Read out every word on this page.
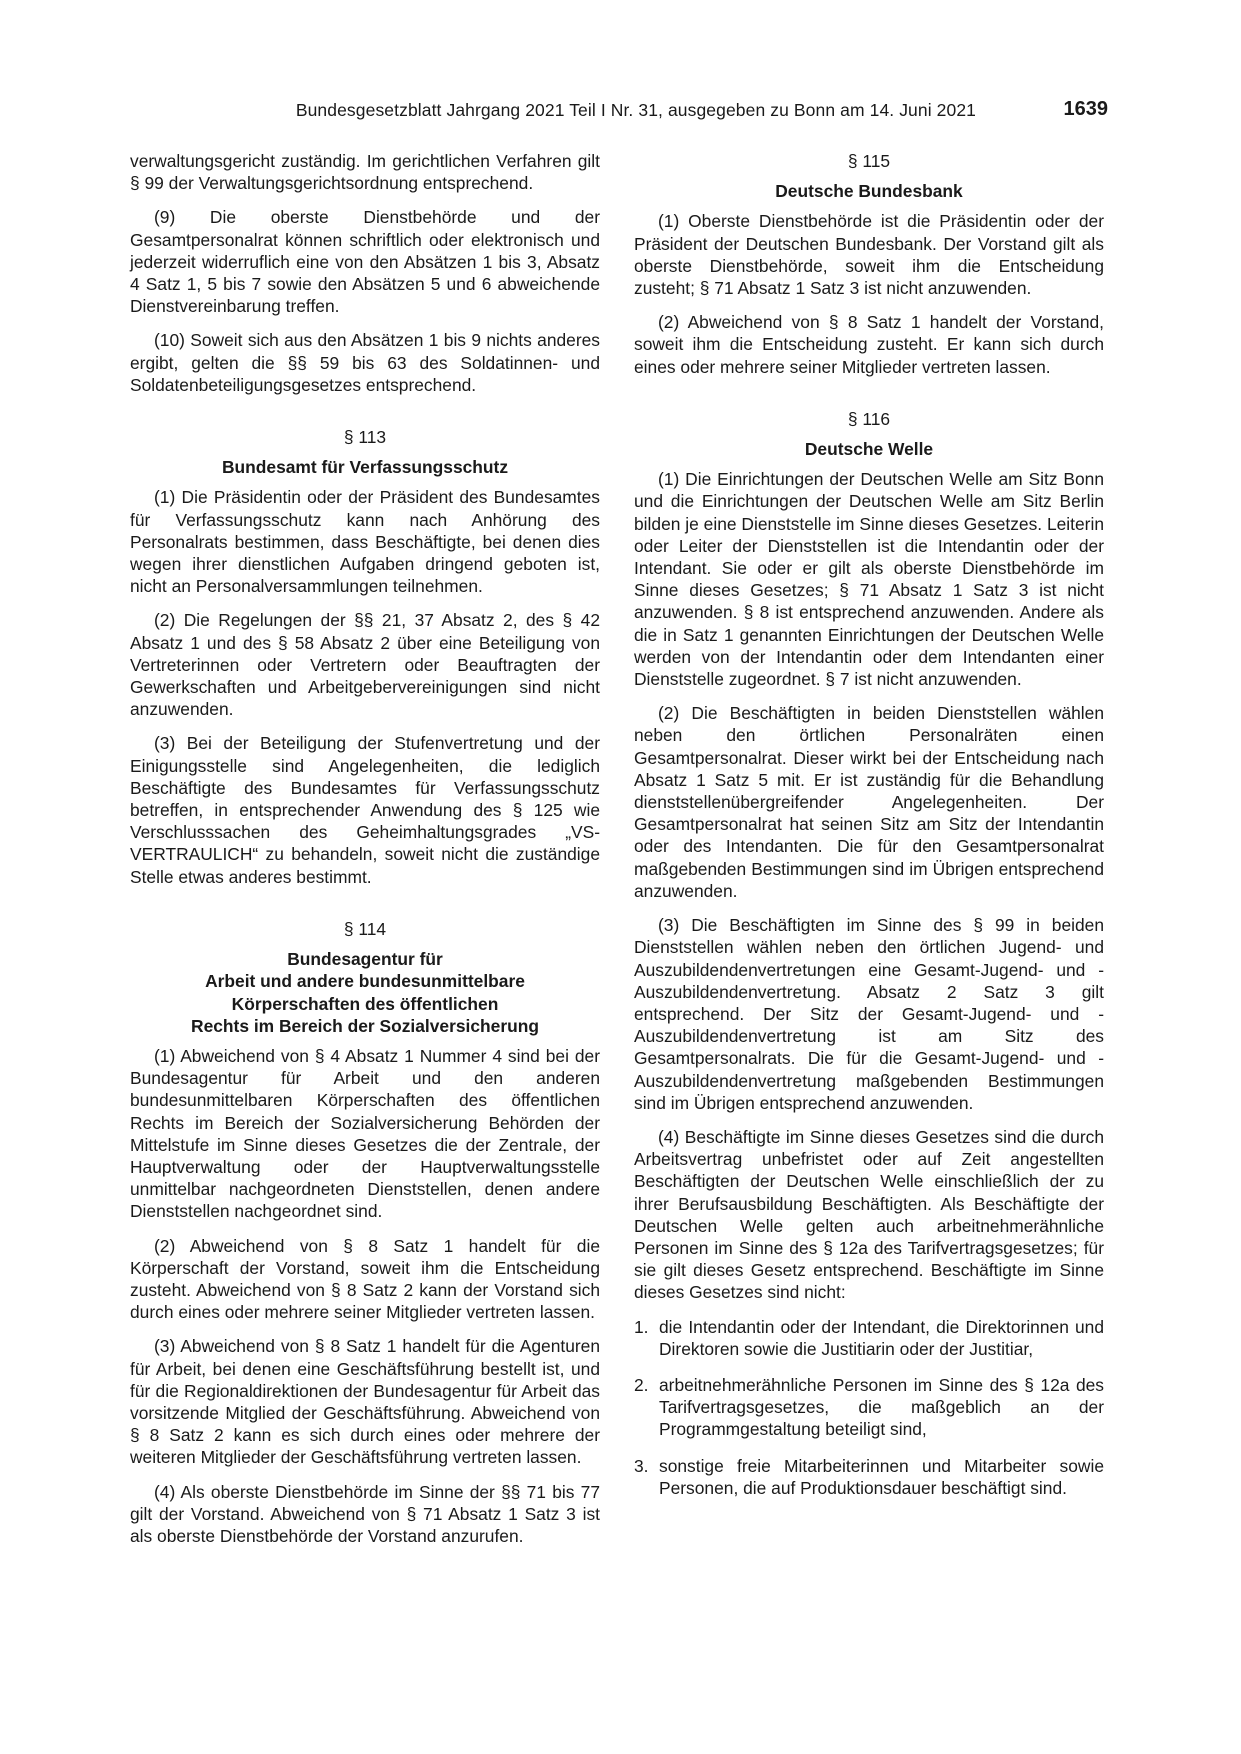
Bundesgesetzblatt Jahrgang 2021 Teil I Nr. 31, ausgegeben zu Bonn am 14. Juni 2021	1639

verwaltungsgericht zuständig. Im gerichtlichen Verfahren gilt § 99 der Verwaltungsgerichtsordnung entsprechend.

(9) Die oberste Dienstbehörde und der Gesamtpersonalrat können schriftlich oder elektronisch und jederzeit widerruflich eine von den Absätzen 1 bis 3, Absatz 4 Satz 1, 5 bis 7 sowie den Absätzen 5 und 6 abweichende Dienstvereinbarung treffen.

(10) Soweit sich aus den Absätzen 1 bis 9 nichts anderes ergibt, gelten die §§ 59 bis 63 des Soldatinnen- und Soldatenbeteiligungsgesetzes entsprechend.

§ 113
Bundesamt für Verfassungsschutz

(1) Die Präsidentin oder der Präsident des Bundesamtes für Verfassungsschutz kann nach Anhörung des Personalrats bestimmen, dass Beschäftigte, bei denen dies wegen ihrer dienstlichen Aufgaben dringend geboten ist, nicht an Personalversammlungen teilnehmen.

(2) Die Regelungen der §§ 21, 37 Absatz 2, des § 42 Absatz 1 und des § 58 Absatz 2 über eine Beteiligung von Vertreterinnen oder Vertretern oder Beauftragten der Gewerkschaften und Arbeitgebervereinigungen sind nicht anzuwenden.

(3) Bei der Beteiligung der Stufenvertretung und der Einigungsstelle sind Angelegenheiten, die lediglich Beschäftigte des Bundesamtes für Verfassungsschutz betreffen, in entsprechender Anwendung des § 125 wie Verschlusssachen des Geheimhaltungsgrades „VS-VERTRAULICH“ zu behandeln, soweit nicht die zuständige Stelle etwas anderes bestimmt.

§ 114
Bundesagentur für
Arbeit und andere bundesunmittelbare
Körperschaften des öffentlichen
Rechts im Bereich der Sozialversicherung

(1) Abweichend von § 4 Absatz 1 Nummer 4 sind bei der Bundesagentur für Arbeit und den anderen bundesunmittelbaren Körperschaften des öffentlichen Rechts im Bereich der Sozialversicherung Behörden der Mittelstufe im Sinne dieses Gesetzes die der Zentrale, der Hauptverwaltung oder der Hauptverwaltungsstelle unmittelbar nachgeordneten Dienststellen, denen andere Dienststellen nachgeordnet sind.

(2) Abweichend von § 8 Satz 1 handelt für die Körperschaft der Vorstand, soweit ihm die Entscheidung zusteht. Abweichend von § 8 Satz 2 kann der Vorstand sich durch eines oder mehrere seiner Mitglieder vertreten lassen.

(3) Abweichend von § 8 Satz 1 handelt für die Agenturen für Arbeit, bei denen eine Geschäftsführung bestellt ist, und für die Regionaldirektionen der Bundesagentur für Arbeit das vorsitzende Mitglied der Geschäftsführung. Abweichend von § 8 Satz 2 kann es sich durch eines oder mehrere der weiteren Mitglieder der Geschäftsführung vertreten lassen.

(4) Als oberste Dienstbehörde im Sinne der §§ 71 bis 77 gilt der Vorstand. Abweichend von § 71 Absatz 1 Satz 3 ist als oberste Dienstbehörde der Vorstand anzurufen.

§ 115
Deutsche Bundesbank

(1) Oberste Dienstbehörde ist die Präsidentin oder der Präsident der Deutschen Bundesbank. Der Vorstand gilt als oberste Dienstbehörde, soweit ihm die Entscheidung zusteht; § 71 Absatz 1 Satz 3 ist nicht anzuwenden.

(2) Abweichend von § 8 Satz 1 handelt der Vorstand, soweit ihm die Entscheidung zusteht. Er kann sich durch eines oder mehrere seiner Mitglieder vertreten lassen.

§ 116
Deutsche Welle

(1) Die Einrichtungen der Deutschen Welle am Sitz Bonn und die Einrichtungen der Deutschen Welle am Sitz Berlin bilden je eine Dienststelle im Sinne dieses Gesetzes. Leiterin oder Leiter der Dienststellen ist die Intendantin oder der Intendant. Sie oder er gilt als oberste Dienstbehörde im Sinne dieses Gesetzes; § 71 Absatz 1 Satz 3 ist nicht anzuwenden. § 8 ist entsprechend anzuwenden. Andere als die in Satz 1 genannten Einrichtungen der Deutschen Welle werden von der Intendantin oder dem Intendanten einer Dienststelle zugeordnet. § 7 ist nicht anzuwenden.

(2) Die Beschäftigten in beiden Dienststellen wählen neben den örtlichen Personalräten einen Gesamtpersonalrat. Dieser wirkt bei der Entscheidung nach Absatz 1 Satz 5 mit. Er ist zuständig für die Behandlung dienststellenübergreifender Angelegenheiten. Der Gesamtpersonalrat hat seinen Sitz am Sitz der Intendantin oder des Intendanten. Die für den Gesamtpersonalrat maßgebenden Bestimmungen sind im Übrigen entsprechend anzuwenden.

(3) Die Beschäftigten im Sinne des § 99 in beiden Dienststellen wählen neben den örtlichen Jugend- und Auszubildendenvertretungen eine Gesamt-Jugend- und -Auszubildendenvertretung. Absatz 2 Satz 3 gilt entsprechend. Der Sitz der Gesamt-Jugend- und -Auszubildendenvertretung ist am Sitz des Gesamtpersonalrats. Die für die Gesamt-Jugend- und -Auszubildendenvertretung maßgebenden Bestimmungen sind im Übrigen entsprechend anzuwenden.

(4) Beschäftigte im Sinne dieses Gesetzes sind die durch Arbeitsvertrag unbefristet oder auf Zeit angestellten Beschäftigten der Deutschen Welle einschließlich der zu ihrer Berufsausbildung Beschäftigten. Als Beschäftigte der Deutschen Welle gelten auch arbeitnehmerähnliche Personen im Sinne des § 12a des Tarifvertragsgesetzes; für sie gilt dieses Gesetz entsprechend. Beschäftigte im Sinne dieses Gesetzes sind nicht:

1. die Intendantin oder der Intendant, die Direktorinnen und Direktoren sowie die Justitiarin oder der Justitiar,
2. arbeitnehmerähnliche Personen im Sinne des § 12a des Tarifvertragsgesetzes, die maßgeblich an der Programmgestaltung beteiligt sind,
3. sonstige freie Mitarbeiterinnen und Mitarbeiter sowie Personen, die auf Produktionsdauer beschäftigt sind.
